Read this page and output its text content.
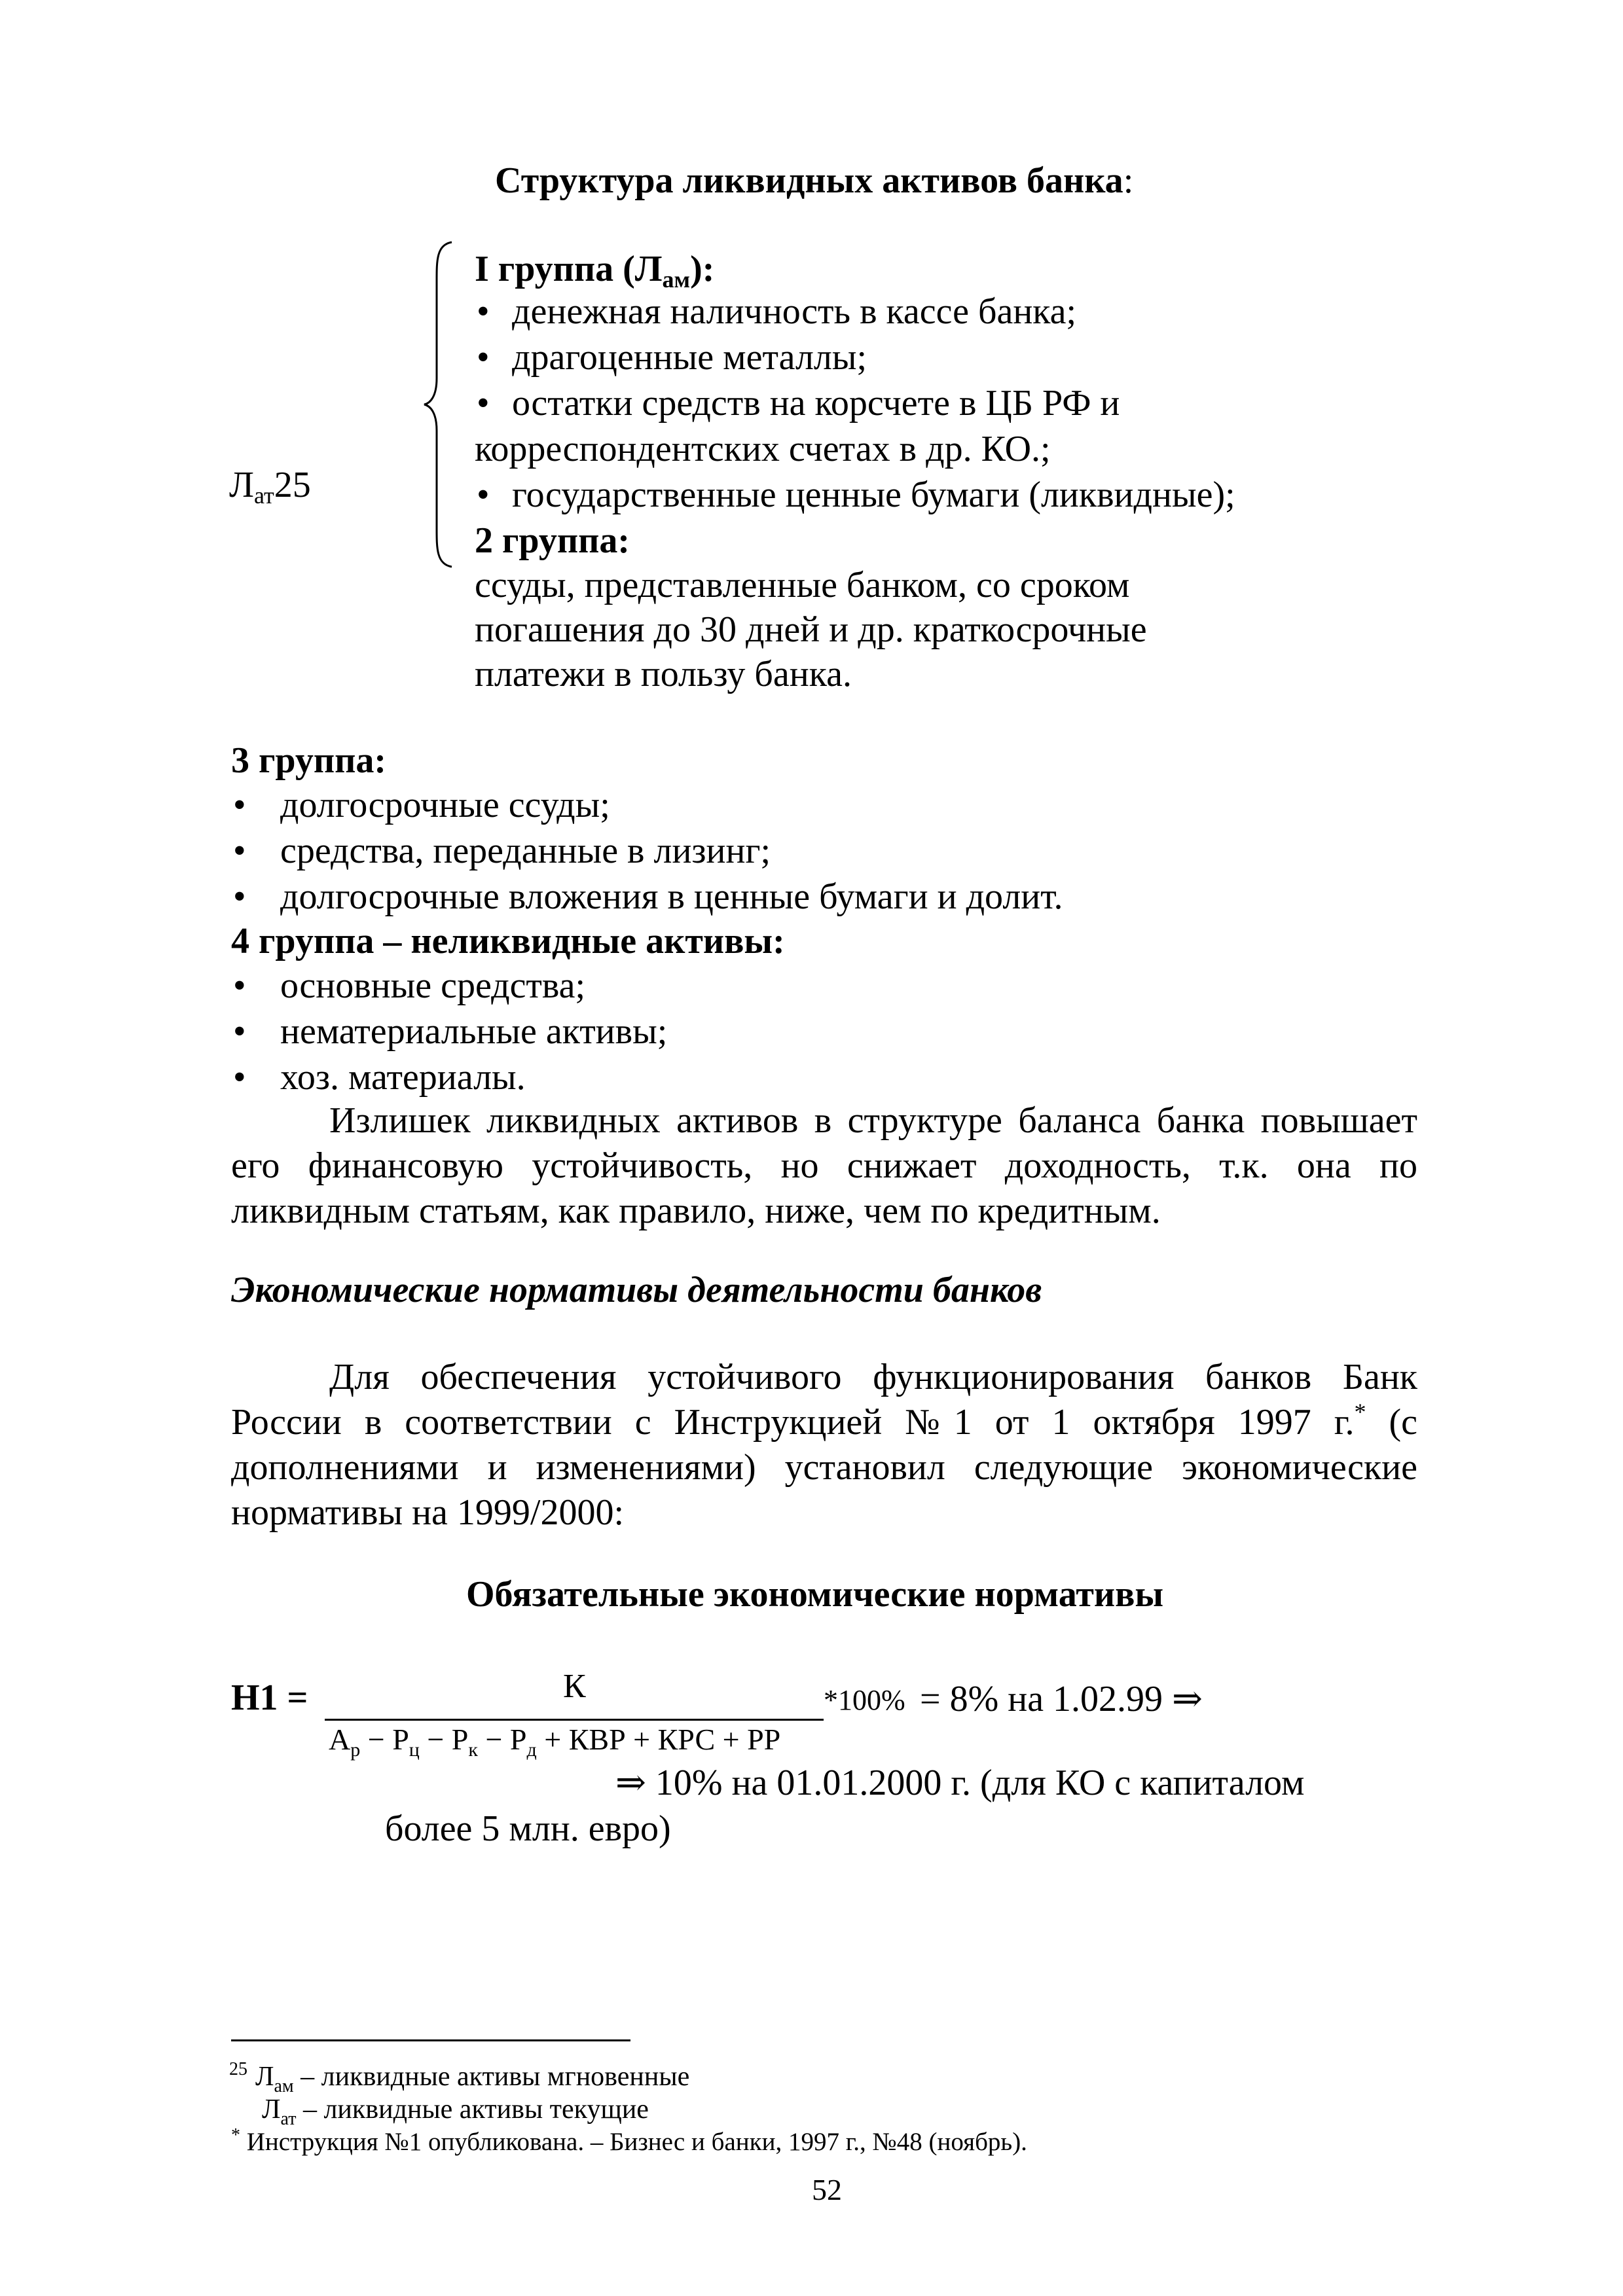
Структура ликвидных активов банка:
$Л_{ат}25$
I группа $(Л_{ам})$:
•денежная наличность в кассе банка;
•драгоценные металлы;
•остатки средств на корсчете в ЦБ РФ и
корреспондентских счетах в др. КО.;
•государственные ценные бумаги (ликвидные);
2 группа:
ссуды, представленные банком, со сроком
погашения до 30 дней и др. краткосрочные
платежи в пользу банка.
3 группа:
•долгосрочные ссуды;
•средства, переданные в лизинг;
•долгосрочные вложения в ценные бумаги и долит.
4 группа – неликвидные активы:
•основные средства;
•нематериальные активы;
•хоз. материалы.
Излишек ликвидных активов в структуре баланса банка повышает его финансовую устойчивость, но снижает доходность, т.к. она по ликвидным статьям, как правило, ниже, чем по кредитным.
Экономические нормативы деятельности банков
Для обеспечения устойчивого функционирования банков Банк России в соответствии с Инструкцией №1 от 1 октября 1997 г.* (с дополнениями и изменениями) установил следующие экономические нормативы на 1999/2000:
Обязательные экономические нормативы
Н1 =	К
$А_р - Р_ц - Р_к - Р_д$ + КВР + КРС + РР
*100% = 8% на 1.02.99 ⇒
⇒ 10% на 01.01.2000 г. (для КО с капиталом
более 5 млн. евро)
$^{25}$ $Л_{ам}$ – ликвидные активы мгновенные
$Л_{ат}$ – ликвидные активы текущие
* Инструкция №1 опубликована. – Бизнес и банки, 1997 г., №48 (ноябрь).
52
